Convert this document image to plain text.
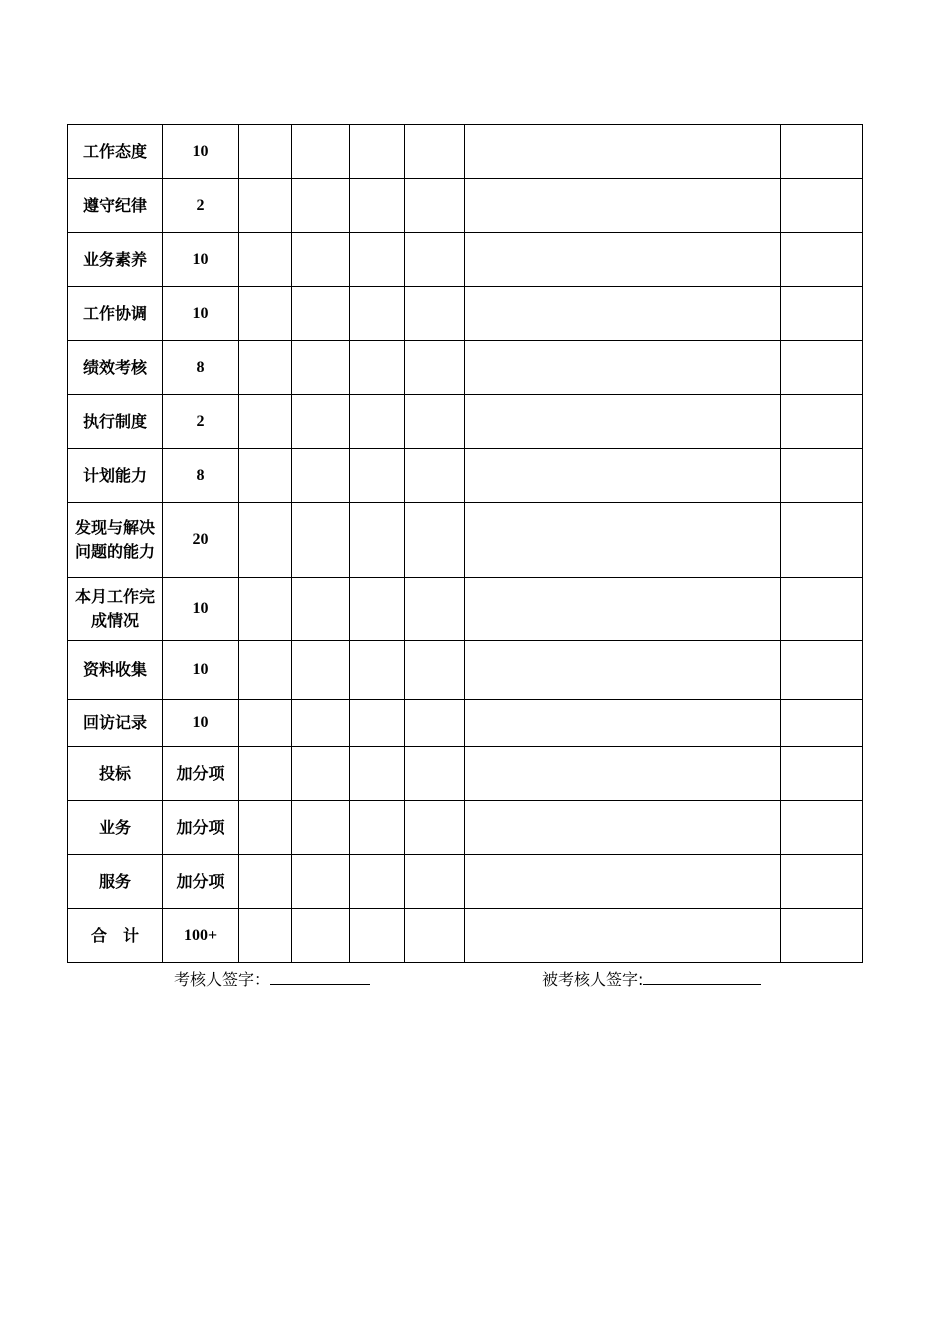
工作态度	10						
遵守纪律	2						
业务素养	10						
工作协调	10						
绩效考核	8						
执行制度	2						
计划能力	8						
发现与解决问题的能力	20						
本月工作完成情况	10						
资料收集	10						
回访记录	10						
投标	加分项						
业务	加分项						
服务	加分项						
合　计	100+						
考核人签字：	被考核人签字:
